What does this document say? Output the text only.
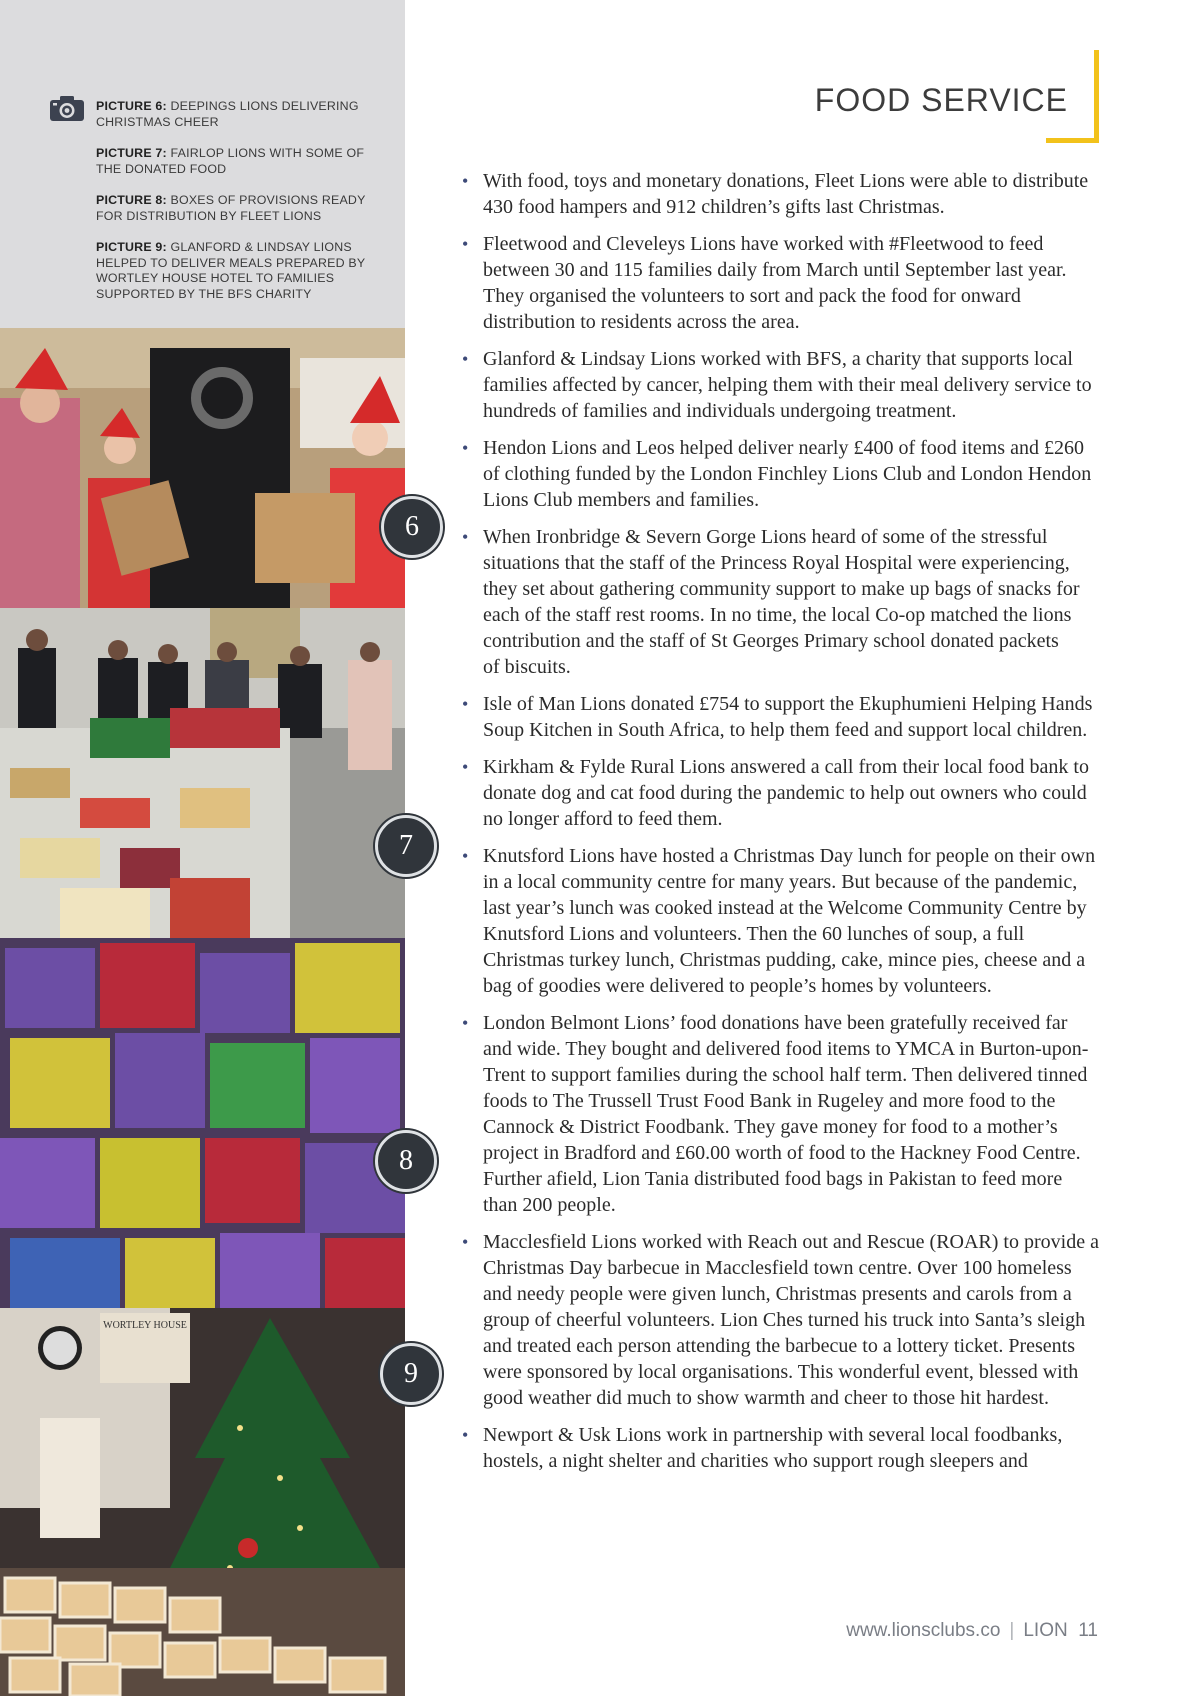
PICTURE 6: DEEPINGS LIONS DELIVERING CHRISTMAS CHEER

PICTURE 7: FAIRLOP LIONS WITH SOME OF THE DONATED FOOD

PICTURE 8: BOXES OF PROVISIONS READY FOR DISTRIBUTION BY FLEET LIONS

PICTURE 9: GLANFORD & LINDSAY LIONS HELPED TO DELIVER MEALS PREPARED BY WORTLEY HOUSE HOTEL TO FAMILIES SUPPORTED BY THE BFS CHARITY

6
7
8
WORTLEY HOUSE
9
FOOD SERVICE
• With food, toys and monetary donations, Fleet Lions were able to distribute 430 food hampers and 912 children’s gifts last Christmas.
• Fleetwood and Cleveleys Lions have worked with #Fleetwood to feed between 30 and 115 families daily from March until September last year. They organised the volunteers to sort and pack the food for onward distribution to residents across the area.
• Glanford & Lindsay Lions worked with BFS, a charity that supports local families affected by cancer, helping them with their meal delivery service to hundreds of families and individuals undergoing treatment.
• Hendon Lions and Leos helped deliver nearly £400 of food items and £260 of clothing funded by the London Finchley Lions Club and London Hendon Lions Club members and families.
• When Ironbridge & Severn Gorge Lions heard of some of the stressful situations that the staff of the Princess Royal Hospital were experiencing, they set about gathering community support to make up bags of snacks for each of the staff rest rooms. In no time, the local Co-op matched the lions contribution and the staff of St Georges Primary school donated packets
of biscuits.
• Isle of Man Lions donated £754 to support the Ekuphumieni Helping Hands Soup Kitchen in South Africa, to help them feed and support local children.
• Kirkham & Fylde Rural Lions answered a call from their local food bank to donate dog and cat food during the pandemic to help out owners who could no longer afford to feed them.
• Knutsford Lions have hosted a Christmas Day lunch for people on their own in a local community centre for many years. But because of the pandemic, last year’s lunch was cooked instead at the Welcome Community Centre by Knutsford Lions and volunteers. Then the 60 lunches of soup, a full Christmas turkey lunch, Christmas pudding, cake, mince pies, cheese and a bag of goodies were delivered to people’s homes by volunteers.
• London Belmont Lions’ food donations have been gratefully received far and wide. They bought and delivered food items to YMCA in Burton-upon-Trent to support families during the school half term. Then delivered tinned foods to The Trussell Trust Food Bank in Rugeley and more food to the Cannock & District Foodbank. They gave money for food to a mother’s project in Bradford and £60.00 worth of food to the Hackney Food Centre. Further afield, Lion Tania distributed food bags in Pakistan to feed more than 200 people.
• Macclesfield Lions worked with Reach out and Rescue (ROAR) to provide a Christmas Day barbecue in Macclesfield town centre. Over 100 homeless and needy people were given lunch, Christmas presents and carols from a group of cheerful volunteers. Lion Ches turned his truck into Santa’s sleigh and treated each person attending the barbecue to a lottery ticket. Presents were sponsored by local organisations. This wonderful event, blessed with good weather did much to show warmth and cheer to those hit hardest.
• Newport & Usk Lions work in partnership with several local foodbanks, hostels, a night shelter and charities who support rough sleepers and
www.lionsclubs.co | LION 11
